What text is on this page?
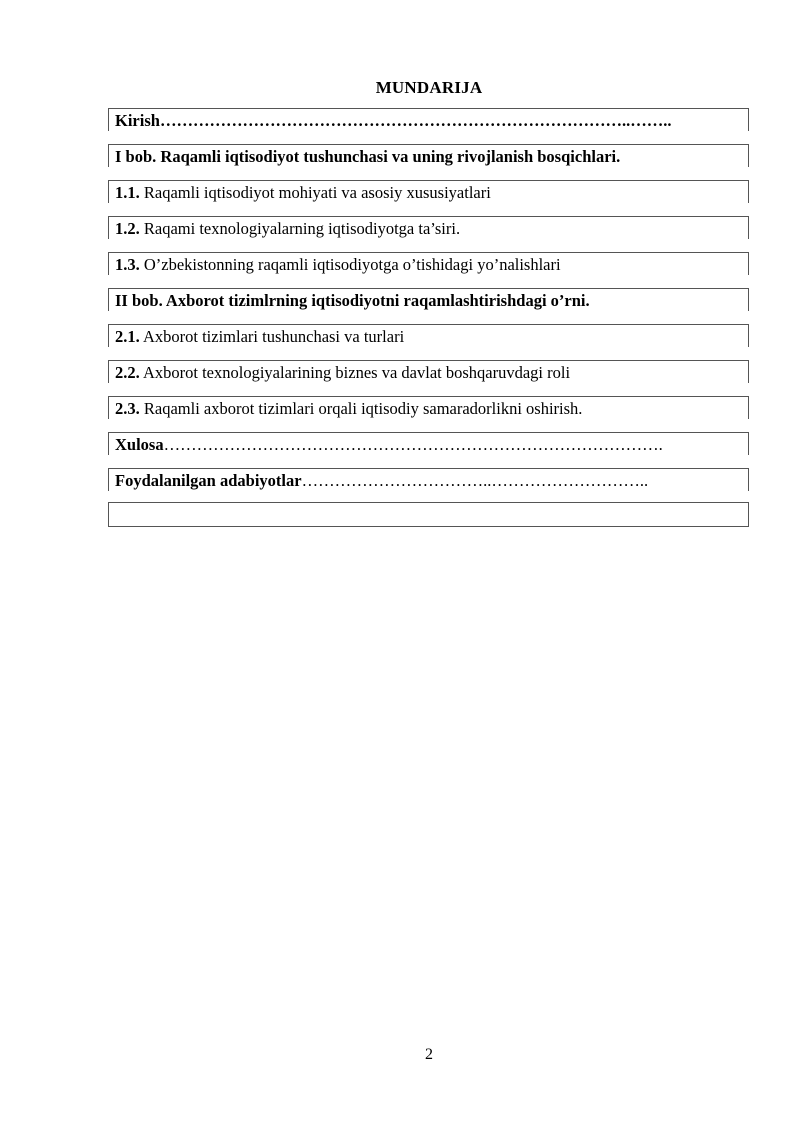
MUNDARIJA
Kirish…………………………………………………………………………..……..
I bob. Raqamli iqtisodiyot tushunchasi va uning rivojlanish bosqichlari.
1.1. Raqamli iqtisodiyot mohiyati va asosiy xususiyatlari
1.2. Raqami texnologiyalarning iqtisodiyotga ta’siri.
1.3. O’zbekistonning raqamli iqtisodiyotga o’tishidagi yo’nalishlari
II bob. Axborot tizimlrning iqtisodiyotni raqamlashtirishdagi o’rni.
2.1. Axborot tizimlari tushunchasi va turlari
2.2. Axborot texnologiyalarining biznes va davlat boshqaruvdagi roli
2.3. Raqamli axborot tizimlari orqali iqtisodiy samaradorlikni oshirish.
Xulosa……………………………………………………………………………….
Foydalanilgan adabiyotlar……………………………..………………………..
2
